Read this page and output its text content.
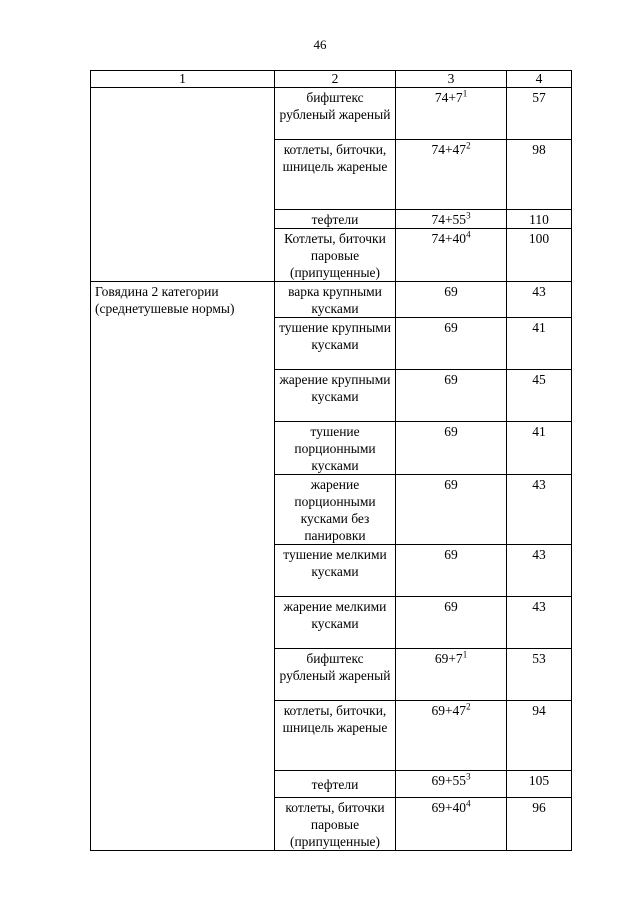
46
1	2	3	4
	бифштекс рубленый жареный	$74+7^1$	57
	котлеты, биточки, шницель жареные	$74+47^2$	98
	тефтели	$74+55^3$	110
	Котлеты, биточки паровые (припущенные)	$74+40^4$	100
Говядина 2 категории (среднетушевые нормы)	варка крупными кусками	69	43
	тушение крупными кусками	69	41
	жарение крупными кусками	69	45
	тушение порционными кусками	69	41
	жарение порционными кусками без панировки	69	43
	тушение мелкими кусками	69	43
	жарение мелкими кусками	69	43
	бифштекс рубленый жареный	$69+7^1$	53
	котлеты, биточки, шницель жареные	$69+47^2$	94
	тефтели	$69+55^3$	105
	котлеты, биточки паровые (припущенные)	$69+40^4$	96
